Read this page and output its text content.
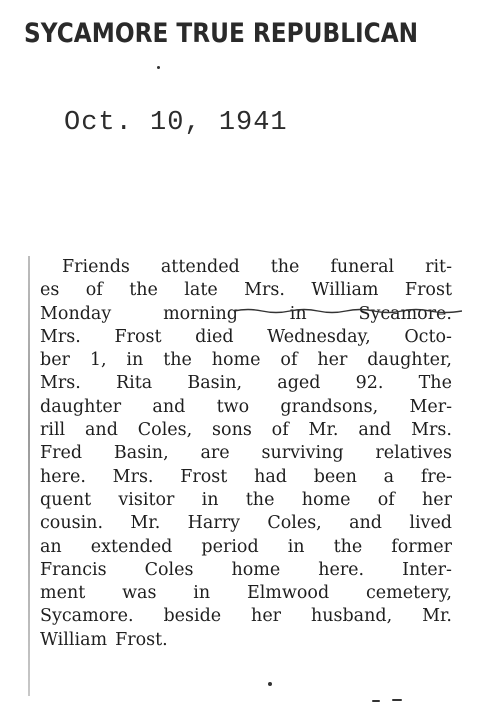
SYCAMORE TRUE REPUBLICAN
Oct. 10, 1941
Friends attended the funeral rit-
es of the late Mrs. William Frost
Monday	morning	in	Sycamore.
Mrs. Frost died Wednesday, Octo-
ber 1, in the home of her daughter,
Mrs. Rita Basin, aged 92. The
daughter and two grandsons, Mer-
rill and Coles, sons of Mr. and Mrs.
Fred Basin, are surviving relatives
here. Mrs. Frost had been a fre-
quent visitor in the home of her
cousin. Mr. Harry Coles, and lived
an extended period in the former
Francis Coles home here. Inter-
ment was in Elmwood cemetery,
Sycamore. beside her husband, Mr.
William Frost.
